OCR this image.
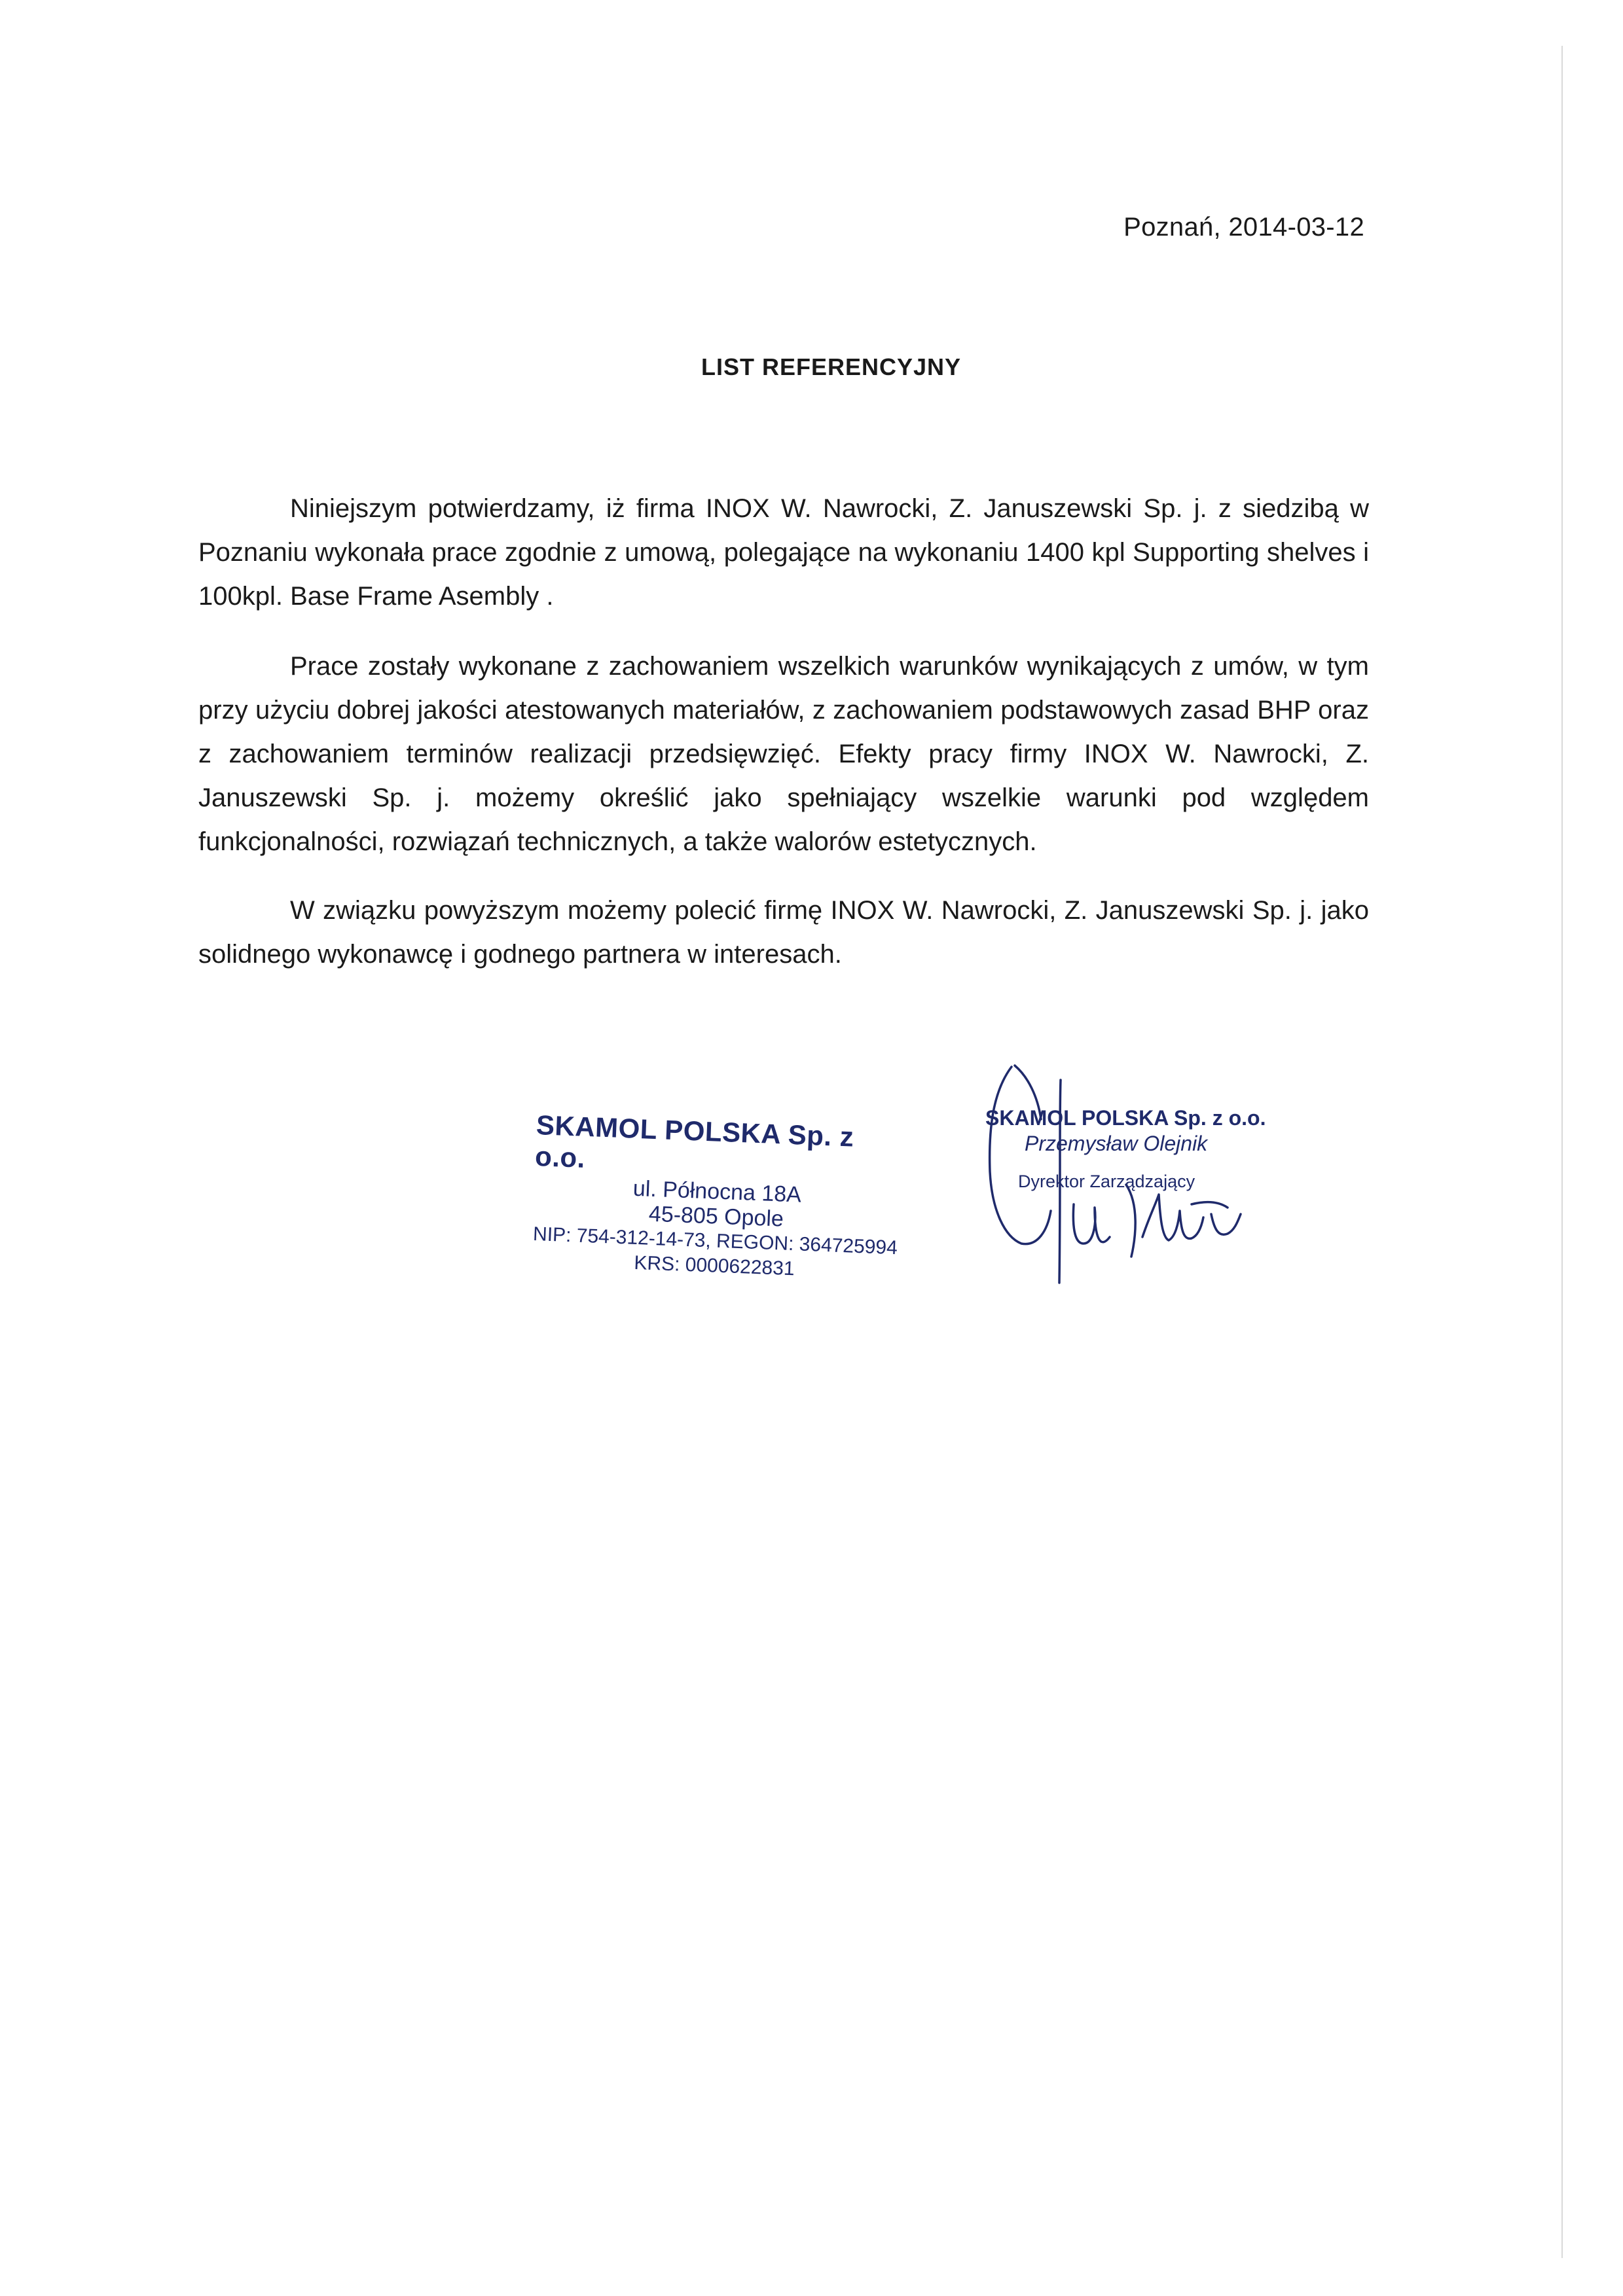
Poznań, 2014-03-12
LIST REFERENCYJNY
Niniejszym potwierdzamy, iż firma INOX W. Nawrocki, Z. Januszewski Sp. j. z siedzibą w Poznaniu wykonała prace zgodnie z umową, polegające na wykonaniu 1400 kpl Supporting shelves i 100kpl. Base Frame Asembly .
Prace zostały wykonane z zachowaniem wszelkich warunków wynikających z umów, w tym przy użyciu dobrej jakości atestowanych materiałów, z zachowaniem podstawowych zasad BHP oraz z zachowaniem terminów realizacji przedsięwzięć. Efekty pracy firmy INOX W. Nawrocki, Z. Januszewski Sp. j. możemy określić jako spełniający wszelkie warunki pod względem funkcjonalności, rozwiązań technicznych, a także walorów estetycznych.
W związku powyższym możemy polecić firmę INOX W. Nawrocki, Z. Januszewski Sp. j. jako solidnego wykonawcę i godnego partnera w interesach.
SKAMOL POLSKA Sp. z o.o.
ul. Północna 18A
45-805 Opole
NIP: 754-312-14-73, REGON: 364725994
KRS: 0000622831
SKAMOL POLSKA Sp. z o.o.
Przemysław Olejnik
Dyrektor Zarządzający
